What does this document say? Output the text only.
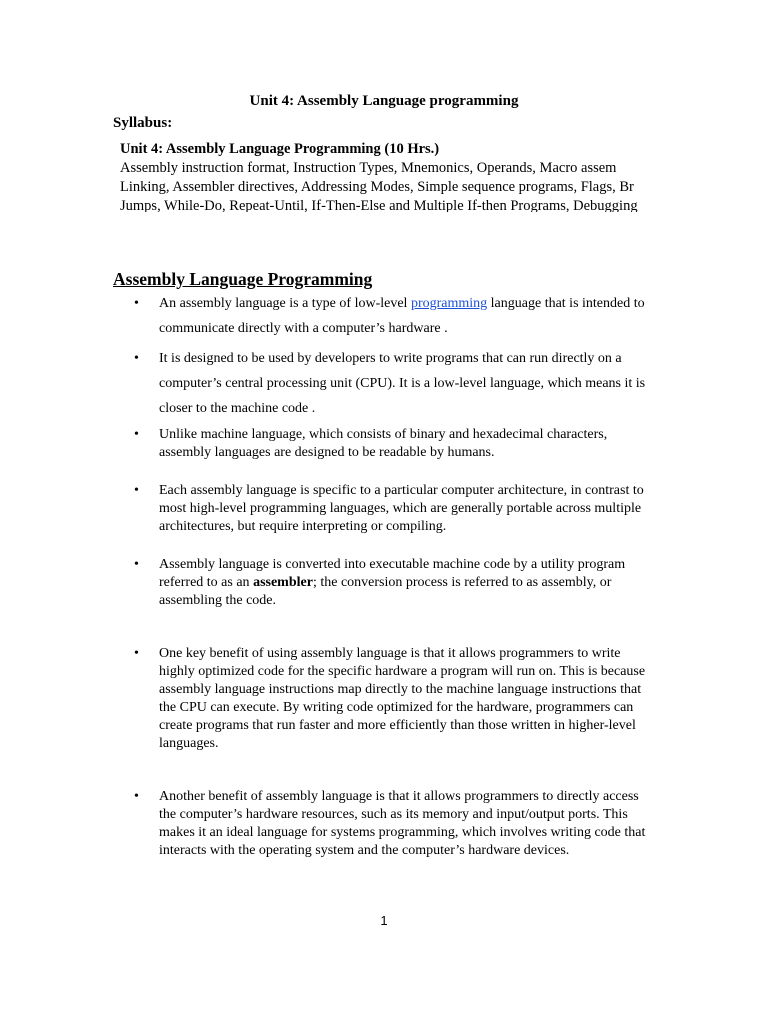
Unit 4: Assembly Language programming
Syllabus:
Unit 4: Assembly Language Programming (10 Hrs.)
Assembly instruction format, Instruction Types, Mnemonics, Operands, Macro assem
Linking, Assembler directives, Addressing Modes, Simple sequence programs, Flags, Br
Jumps, While-Do, Repeat-Until, If-Then-Else and Multiple If-then Programs, Debugging
Assembly Language Programming
• An assembly language is a type of low-level programming language that is intended to communicate directly with a computer’s hardware .
• It is designed to be used by developers to write programs that can run directly on a computer’s central processing unit (CPU). It is a low-level language, which means it is closer to the machine code .
• Unlike machine language, which consists of binary and hexadecimal characters, assembly languages are designed to be readable by humans.
• Each assembly language is specific to a particular computer architecture, in contrast to most high-level programming languages, which are generally portable across multiple architectures, but require interpreting or compiling.
• Assembly language is converted into executable machine code by a utility program referred to as an assembler; the conversion process is referred to as assembly, or assembling the code.
• One key benefit of using assembly language is that it allows programmers to write highly optimized code for the specific hardware a program will run on. This is because assembly language instructions map directly to the machine language instructions that the CPU can execute. By writing code optimized for the hardware, programmers can create programs that run faster and more efficiently than those written in higher-level languages.
• Another benefit of assembly language is that it allows programmers to directly access the computer’s hardware resources, such as its memory and input/output ports. This makes it an ideal language for systems programming, which involves writing code that interacts with the operating system and the computer’s hardware devices.
1
